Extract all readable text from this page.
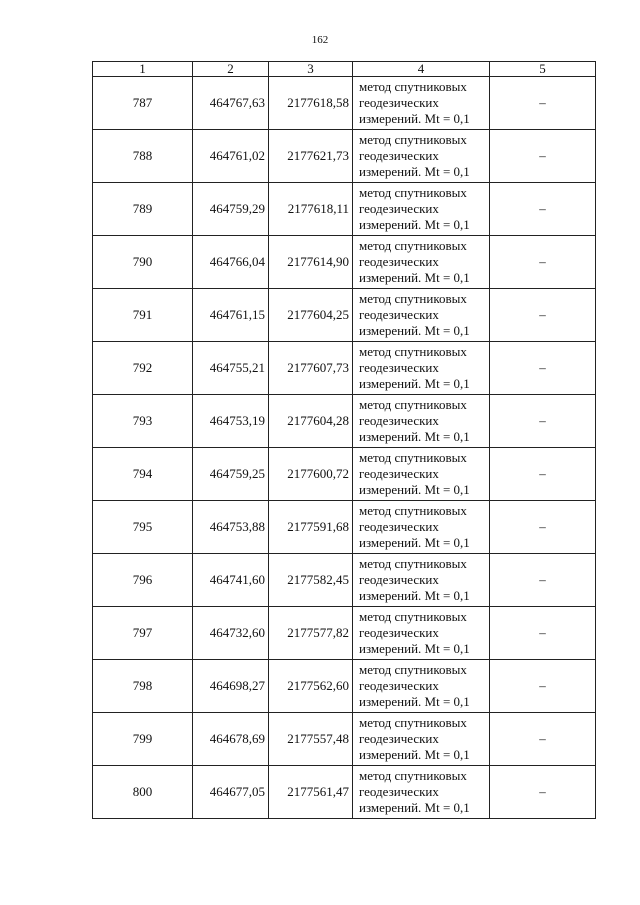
162
1	2	3	4	5
787	464767,63	2177618,58	метод спутниковых
геодезических
измерений. Mt = 0,1	–
788	464761,02	2177621,73	метод спутниковых
геодезических
измерений. Mt = 0,1	–
789	464759,29	2177618,11	метод спутниковых
геодезических
измерений. Mt = 0,1	–
790	464766,04	2177614,90	метод спутниковых
геодезических
измерений. Mt = 0,1	–
791	464761,15	2177604,25	метод спутниковых
геодезических
измерений. Mt = 0,1	–
792	464755,21	2177607,73	метод спутниковых
геодезических
измерений. Mt = 0,1	–
793	464753,19	2177604,28	метод спутниковых
геодезических
измерений. Mt = 0,1	–
794	464759,25	2177600,72	метод спутниковых
геодезических
измерений. Mt = 0,1	–
795	464753,88	2177591,68	метод спутниковых
геодезических
измерений. Mt = 0,1	–
796	464741,60	2177582,45	метод спутниковых
геодезических
измерений. Mt = 0,1	–
797	464732,60	2177577,82	метод спутниковых
геодезических
измерений. Mt = 0,1	–
798	464698,27	2177562,60	метод спутниковых
геодезических
измерений. Mt = 0,1	–
799	464678,69	2177557,48	метод спутниковых
геодезических
измерений. Mt = 0,1	–
800	464677,05	2177561,47	метод спутниковых
геодезических
измерений. Mt = 0,1	–
